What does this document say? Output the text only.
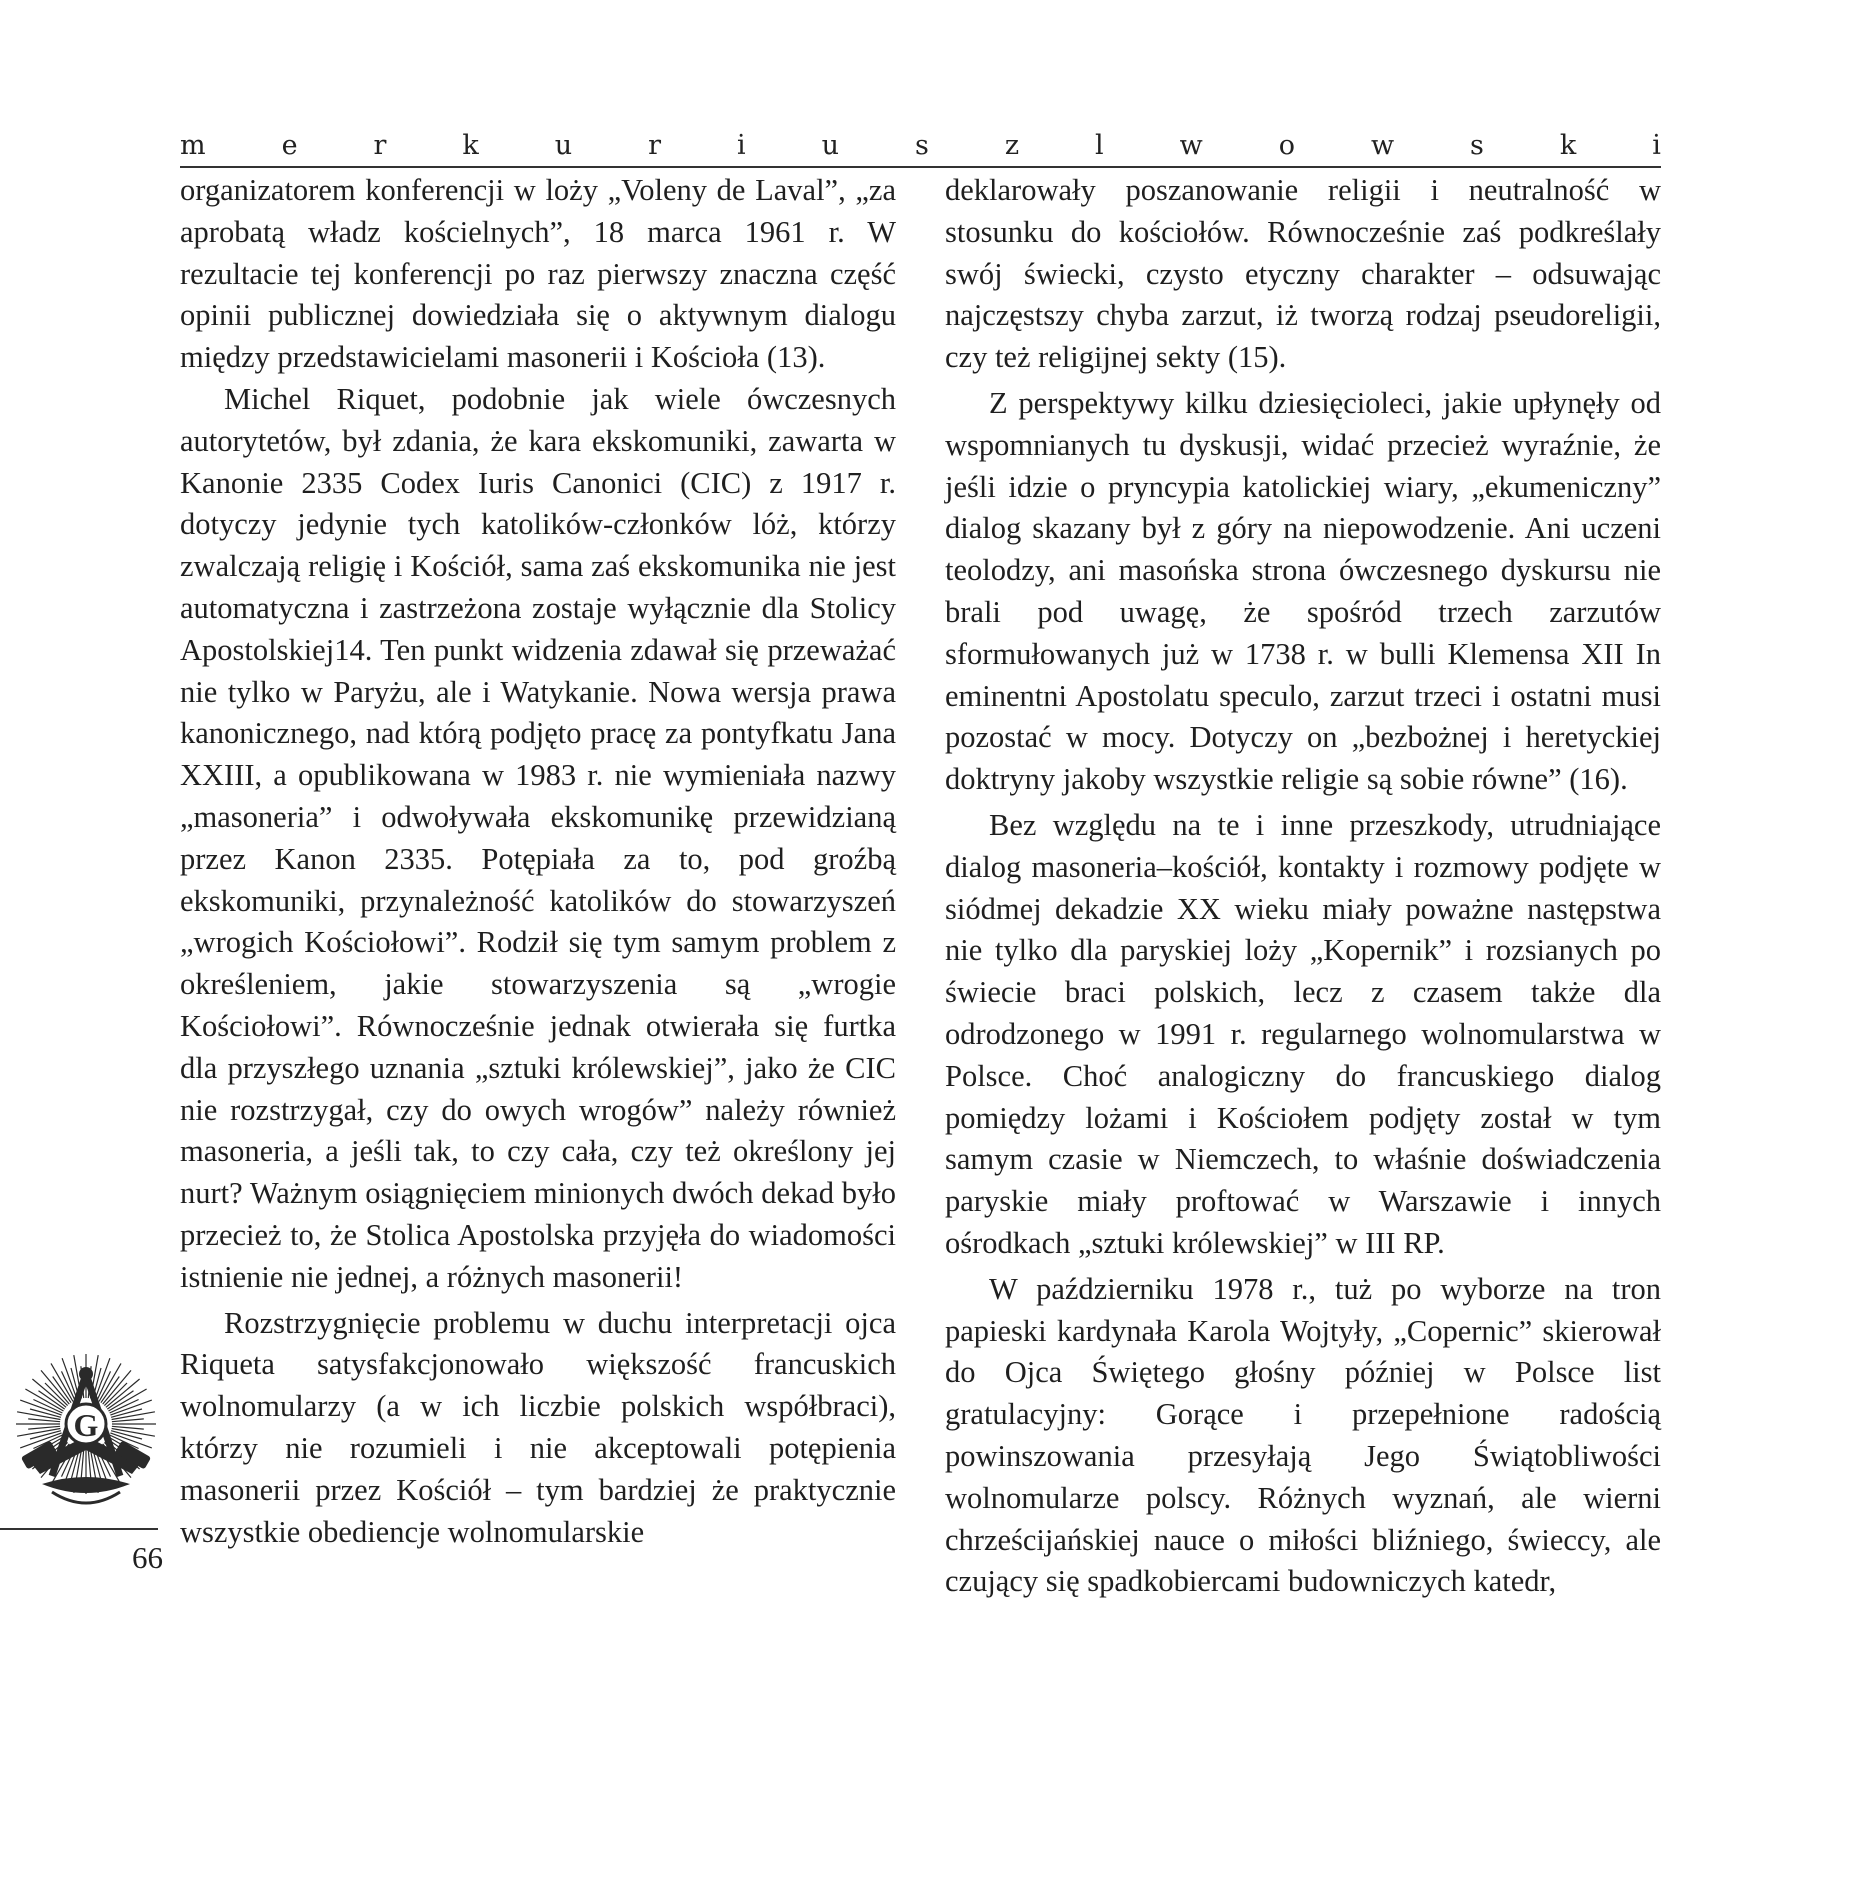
m	e	r	k	u	r	i	u	s	z	l	w	o	w	s	k	i

organizatorem konferencji w loży „Voleny de Laval”, „za aprobatą władz kościelnych”, 18 marca 1961 r. W rezultacie tej konferencji po raz pierwszy znaczna część opinii publicznej dowiedziała się o aktywnym dialogu między przedstawicielami masonerii i Kościoła (13).

Michel Riquet, podobnie jak wiele ówczesnych autorytetów, był zdania, że kara ekskomuniki, zawarta w Kanonie 2335 Codex Iuris Canonici (CIC) z 1917 r. dotyczy jedynie tych katolików-członków lóż, którzy zwalczają religię i Kościół, sama zaś ekskomunika nie jest automatyczna i zastrzeżona zostaje wyłącznie dla Stolicy Apostolskiej14. Ten punkt widzenia zdawał się przeważać nie tylko w Paryżu, ale i Watykanie. Nowa wersja prawa kanonicznego, nad którą podjęto pracę za pontyfkatu Jana XXIII, a opublikowana w 1983 r. nie wymieniała nazwy „masoneria” i odwoływała ekskomunikę przewidzianą przez Kanon 2335. Potępiała za to, pod groźbą ekskomuniki, przynależność katolików do stowarzyszeń „wrogich Kościołowi”. Rodził się tym samym problem z określeniem, jakie stowarzyszenia są „wrogie Kościołowi”. Równocześnie jednak otwierała się furtka dla przyszłego uznania „sztuki królewskiej”, jako że CIC nie rozstrzygał, czy do owych wrogów” należy również masoneria, a jeśli tak, to czy cała, czy też określony jej nurt? Ważnym osiągnięciem minionych dwóch dekad było przecież to, że Stolica Apostolska przyjęła do wiadomości istnienie nie jednej, a różnych masonerii!

Rozstrzygnięcie problemu w duchu interpretacji ojca Riqueta satysfakcjonowało większość francuskich wolnomularzy (a w ich liczbie polskich współbraci), którzy nie rozumieli i nie akceptowali potępienia masonerii przez Kościół – tym bardziej że praktycznie wszystkie obediencje wolnomularskie

deklarowały poszanowanie religii i neutralność w stosunku do kościołów. Równocześnie zaś podkreślały swój świecki, czysto etyczny charakter – odsuwając najczęstszy chyba zarzut, iż tworzą rodzaj pseudoreligii, czy też religijnej sekty (15).

Z perspektywy kilku dziesięcioleci, jakie upłynęły od wspomnianych tu dyskusji, widać przecież wyraźnie, że jeśli idzie o pryncypia katolickiej wiary, „ekumeniczny” dialog skazany był z góry na niepowodzenie. Ani uczeni teolodzy, ani masońska strona ówczesnego dyskursu nie brali pod uwagę, że spośród trzech zarzutów sformułowanych już w 1738 r. w bulli Klemensa XII In eminentni Apostolatu speculo, zarzut trzeci i ostatni musi pozostać w mocy. Dotyczy on „bezbożnej i heretyckiej doktryny jakoby wszystkie religie są sobie równe” (16).

Bez względu na te i inne przeszkody, utrudniające dialog masoneria–kościół, kontakty i rozmowy podjęte w siódmej dekadzie XX wieku miały poważne następstwa nie tylko dla paryskiej loży „Kopernik” i rozsianych po świecie braci polskich, lecz z czasem także dla odrodzonego w 1991 r. regularnego wolnomularstwa w Polsce. Choć analogiczny do francuskiego dialog pomiędzy lożami i Kościołem podjęty został w tym samym czasie w Niemczech, to właśnie doświadczenia paryskie miały proftować w Warszawie i innych ośrodkach „sztuki królewskiej” w III RP.

W październiku 1978 r., tuż po wyborze na tron papieski kardynała Karola Wojtyły, „Copernic” skierował do Ojca Świętego głośny później w Polsce list gratulacyjny: Gorące i przepełnione radością powinszowania przesyłają Jego Świątobliwości wolnomularze polscy. Różnych wyznań, ale wierni chrześcijańskiej nauce o miłości bliźniego, świeccy, ale czujący się spadkobiercami budowniczych katedr,

G
66
